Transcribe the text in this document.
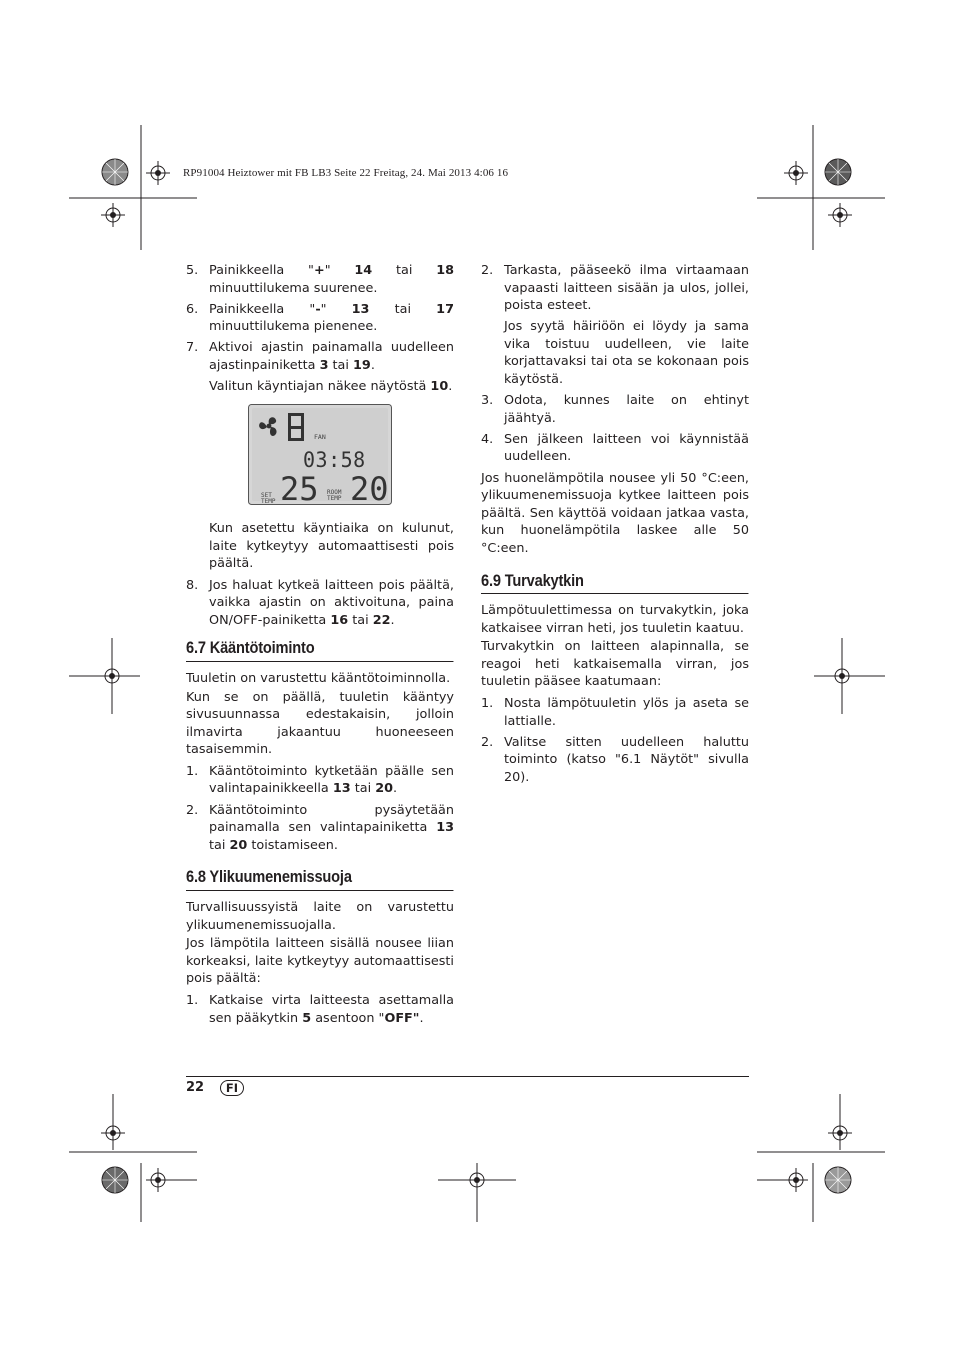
RP91004 Heiztower mit FB LB3 Seite 22 Freitag, 24. Mai 2013 4:06 16
5. Painikkeella "+" 14 tai 18 minuuttilukema suurenee.
6. Painikkeella "-" 13 tai 17 minuuttilukema pienenee.
7. Aktivoi ajastin painamalla uudelleen ajastinpainiketta 3 tai 19.
Valitun käyntiajan näkee näytöstä 10.
FAN
03:58
SET
TEMP 25 ROOM
TEMP 20
Kun asetettu käyntiaika on kulunut, laite kytkeytyy automaattisesti pois päältä.
8. Jos haluat kytkeä laitteen pois päältä, vaikka ajastin on aktivoituna, paina ON/OFF-painiketta 16 tai 22.
6.7 Kääntötoiminto
Tuuletin on varustettu kääntötoiminnolla.
Kun se on päällä, tuuletin kääntyy sivusuunnassa edestakaisin, jolloin ilmavirta jakaantuu huoneeseen tasaisemmin.
1. Kääntötoiminto kytketään päälle sen valintapainikkeella 13 tai 20.
2. Kääntötoiminto pysäytetään painamalla sen valintapainiketta 13 tai 20 toistamiseen.
6.8 Ylikuumenemissuoja
Turvallisuussyistä laite on varustettu ylikuumenemissuojalla.
Jos lämpötila laitteen sisällä nousee liian korkeaksi, laite kytkeytyy automaattisesti pois päältä:
1. Katkaise virta laitteesta asettamalla sen pääkytkin 5 asentoon "OFF".
2. Tarkasta, pääseekö ilma virtaamaan vapaasti laitteen sisään ja ulos, jollei, poista esteet.
Jos syytä häiriöön ei löydy ja sama vika toistuu uudelleen, vie laite korjattavaksi tai ota se kokonaan pois käytöstä.
3. Odota, kunnes laite on ehtinyt jäähtyä.
4. Sen jälkeen laitteen voi käynnistää uudelleen.
Jos huonelämpötila nousee yli 50 °C:een, ylikuumenemissuoja kytkee laitteen pois päältä. Sen käyttöä voidaan jatkaa vasta, kun huonelämpötila laskee alle 50 °C:een.
6.9 Turvakytkin
Lämpötuulettimessa on turvakytkin, joka katkaisee virran heti, jos tuuletin kaatuu.
Turvakytkin on laitteen alapinnalla, se reagoi heti katkaisemalla virran, jos tuuletin pääsee kaatumaan:
1. Nosta lämpötuuletin ylös ja aseta se lattialle.
2. Valitse sitten uudelleen haluttu toiminto (katso "6.1 Näytöt" sivulla 20).
22	FI
